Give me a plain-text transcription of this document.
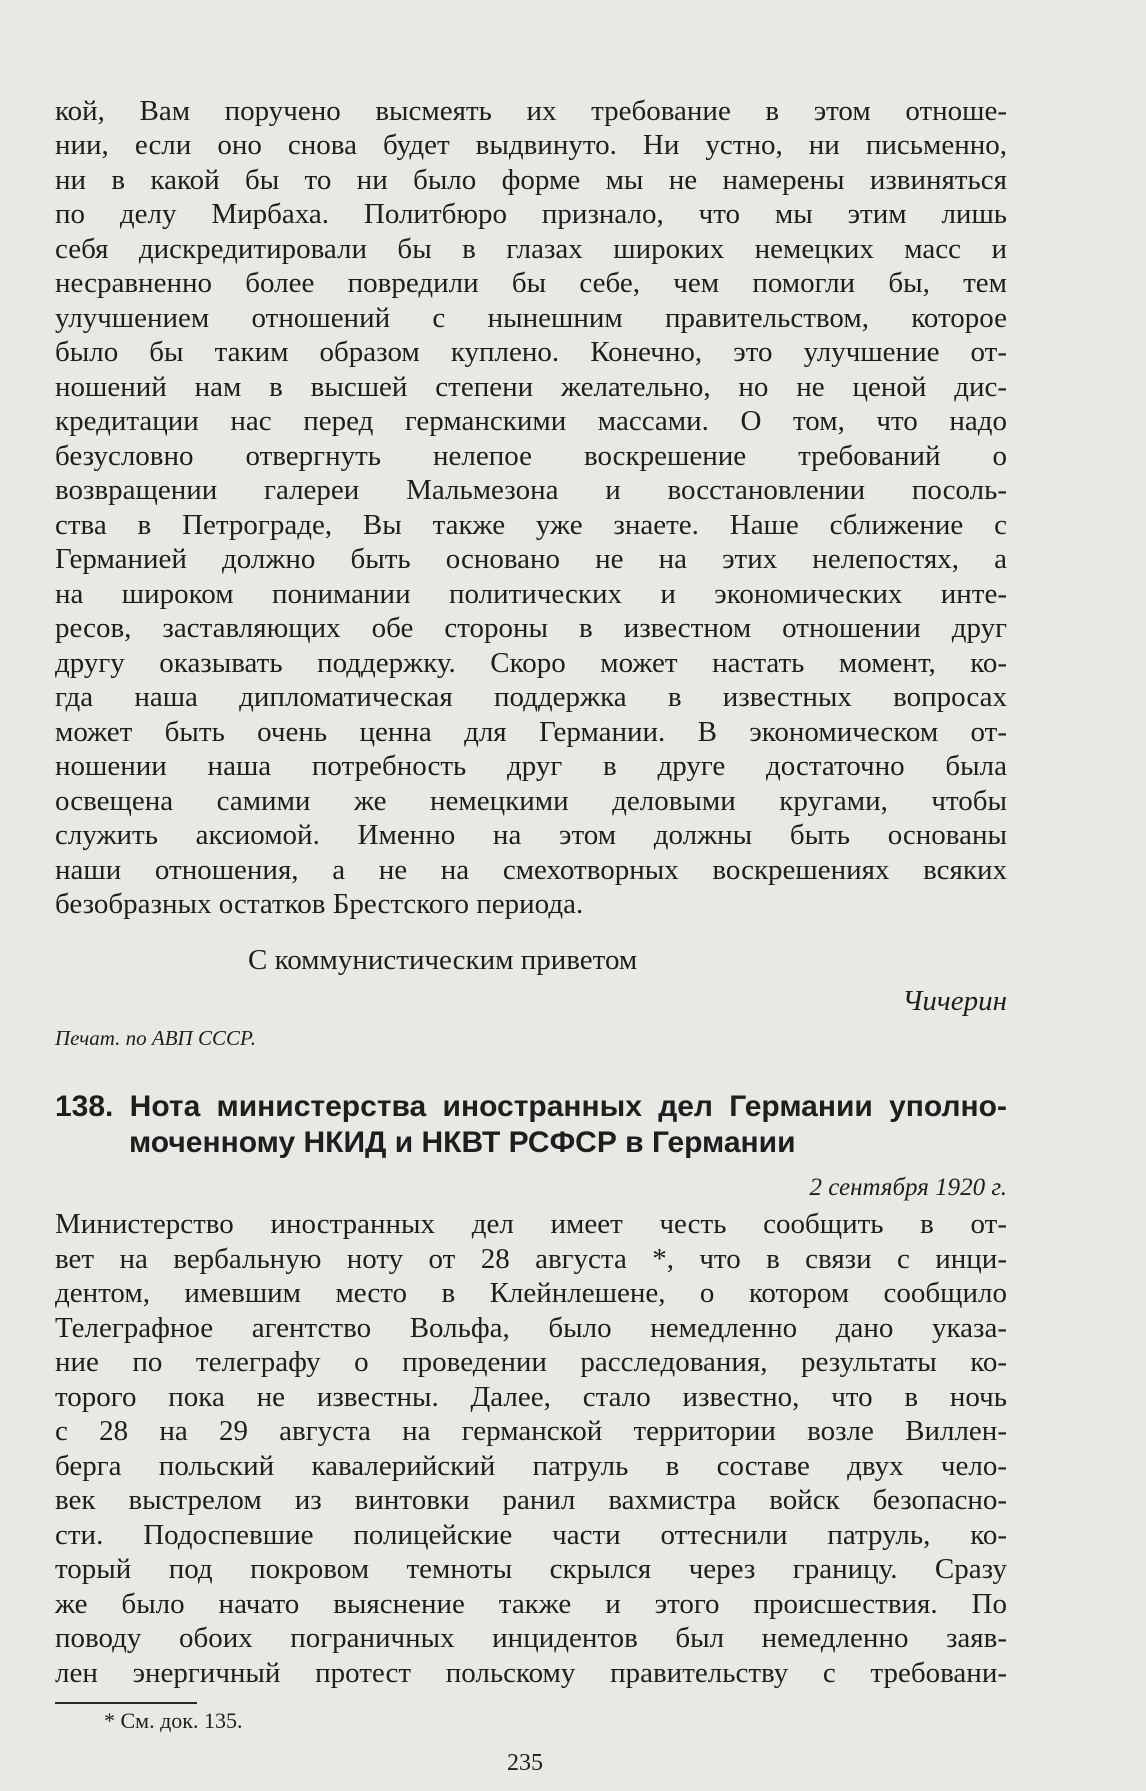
кой, Вам поручено высмеять их требование в этом отноше-
нии, если оно снова будет выдвинуто. Ни устно, ни письменно,
ни в какой бы то ни было форме мы не намерены извиняться
по делу Мирбаха. Политбюро признало, что мы этим лишь
себя дискредитировали бы в глазах широких немецких масс и
несравненно более повредили бы себе, чем помогли бы, тем
улучшением отношений с нынешним правительством, которое
было бы таким образом куплено. Конечно, это улучшение от-
ношений нам в высшей степени желательно, но не ценой дис-
кредитации нас перед германскими массами. О том, что надо
безусловно отвергнуть нелепое воскрешение требований о
возвращении галереи Мальмезона и восстановлении посоль-
ства в Петрограде, Вы также уже знаете. Наше сближение с
Германией должно быть основано не на этих нелепостях, а
на широком понимании политических и экономических инте-
ресов, заставляющих обе стороны в известном отношении друг
другу оказывать поддержку. Скоро может настать момент, ко-
гда наша дипломатическая поддержка в известных вопросах
может быть очень ценна для Германии. В экономическом от-
ношении наша потребность друг в друге достаточно была
освещена самими же немецкими деловыми кругами, чтобы
служить аксиомой. Именно на этом должны быть основаны
наши отношения, а не на смехотворных воскрешениях всяких
безобразных остатков Брестского периода.
С коммунистическим приветом
Чичерин
Печат. по АВП СССР.
138. Нота министерства иностранных дел Германии уполно-
моченному НКИД и НКВТ РСФСР в Германии
2 сентября 1920 г.
Министерство иностранных дел имеет честь сообщить в от-
вет на вербальную ноту от 28 августа *, что в связи с инци-
дентом, имевшим место в Клейнлешене, о котором сообщило
Телеграфное агентство Вольфа, было немедленно дано указа-
ние по телеграфу о проведении расследования, результаты ко-
торого пока не известны. Далее, стало известно, что в ночь
с 28 на 29 августа на германской территории возле Виллен-
берга польский кавалерийский патруль в составе двух чело-
век выстрелом из винтовки ранил вахмистра войск безопасно-
сти. Подоспевшие полицейские части оттеснили патруль, ко-
торый под покровом темноты скрылся через границу. Сразу
же было начато выяснение также и этого происшествия. По
поводу обоих пограничных инцидентов был немедленно заяв-
лен энергичный протест польскому правительству с требовани-
* См. док. 135.
235
